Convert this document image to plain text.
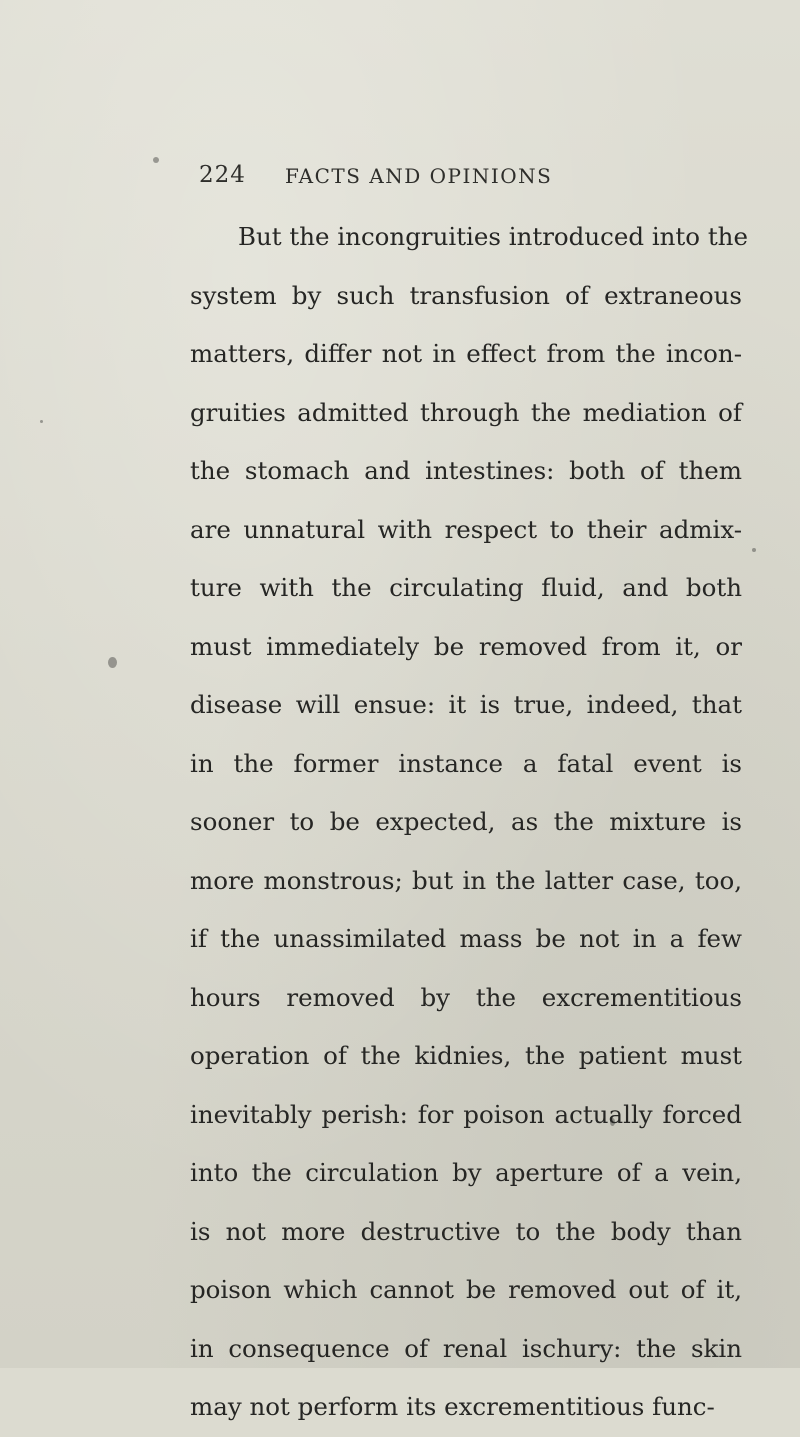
224 FACTS AND OPINIONS
But the incongruities introduced into the
system by such transfusion of extraneous
matters, differ not in effect from the incon-
gruities admitted through the mediation of
the stomach and intestines: both of them
are unnatural with respect to their admix-
ture with the circulating fluid, and both
must immediately be removed from it, or
disease will ensue: it is true, indeed, that
in the former instance a fatal event is
sooner to be expected, as the mixture is
more monstrous; but in the latter case, too,
if the unassimilated mass be not in a few
hours removed by the excrementitious
operation of the kidnies, the patient must
inevitably perish: for poison actually forced
into the circulation by aperture of a vein,
is not more destructive to the body than
poison which cannot be removed out of it,
in consequence of renal ischury: the skin
may not perform its excrementitious func-
